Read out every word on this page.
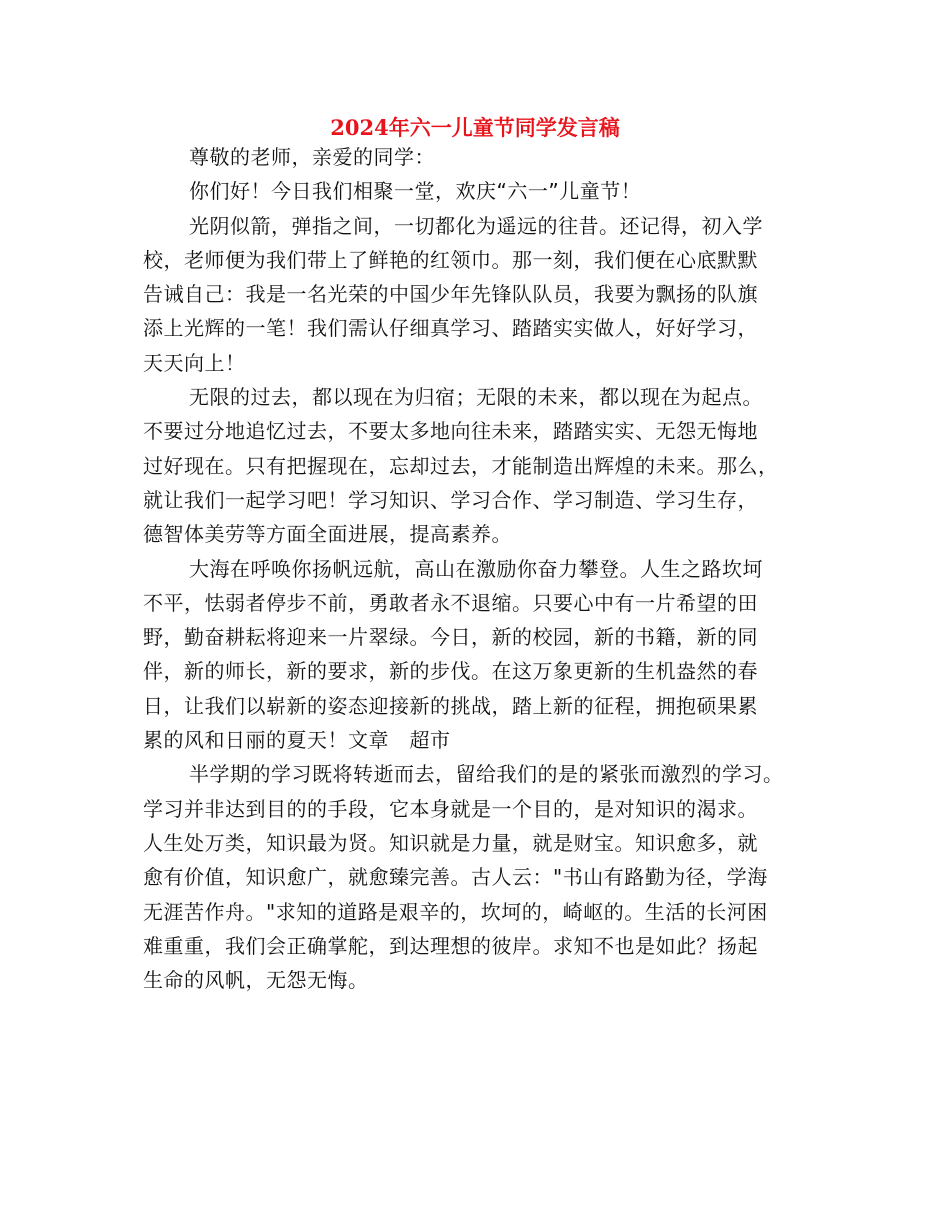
2024年六一儿童节同学发言稿
尊敬的老师，亲爱的同学：
你们好！今日我们相聚一堂，欢庆“六一”儿童节！
光阴似箭，弹指之间，一切都化为遥远的往昔。还记得，初入学
校，老师便为我们带上了鲜艳的红领巾。那一刻，我们便在心底默默
告诫自己：我是一名光荣的中国少年先锋队队员，我要为飘扬的队旗
添上光辉的一笔！我们需认仔细真学习、踏踏实实做人，好好学习，
天天向上！
无限的过去，都以现在为归宿；无限的未来，都以现在为起点。
不要过分地追忆过去，不要太多地向往未来，踏踏实实、无怨无悔地
过好现在。只有把握现在，忘却过去，才能制造出辉煌的未来。那么，
就让我们一起学习吧！学习知识、学习合作、学习制造、学习生存，
德智体美劳等方面全面进展，提高素养。
大海在呼唤你扬帆远航，高山在激励你奋力攀登。人生之路坎坷
不平，怯弱者停步不前，勇敢者永不退缩。只要心中有一片希望的田
野，勤奋耕耘将迎来一片翠绿。今日，新的校园，新的书籍，新的同
伴，新的师长，新的要求，新的步伐。在这万象更新的生机盎然的春
日，让我们以崭新的姿态迎接新的挑战，踏上新的征程，拥抱硕果累
累的风和日丽的夏天！文章　超市
半学期的学习既将转逝而去，留给我们的是的紧张而激烈的学习。
学习并非达到目的的手段，它本身就是一个目的，是对知识的渴求。
人生处万类，知识最为贤。知识就是力量，就是财宝。知识愈多，就
愈有价值，知识愈广，就愈臻完善。古人云："书山有路勤为径，学海
无涯苦作舟。"求知的道路是艰辛的，坎坷的，崎岖的。生活的长河困
难重重，我们会正确掌舵，到达理想的彼岸。求知不也是如此？扬起
生命的风帆，无怨无悔。
